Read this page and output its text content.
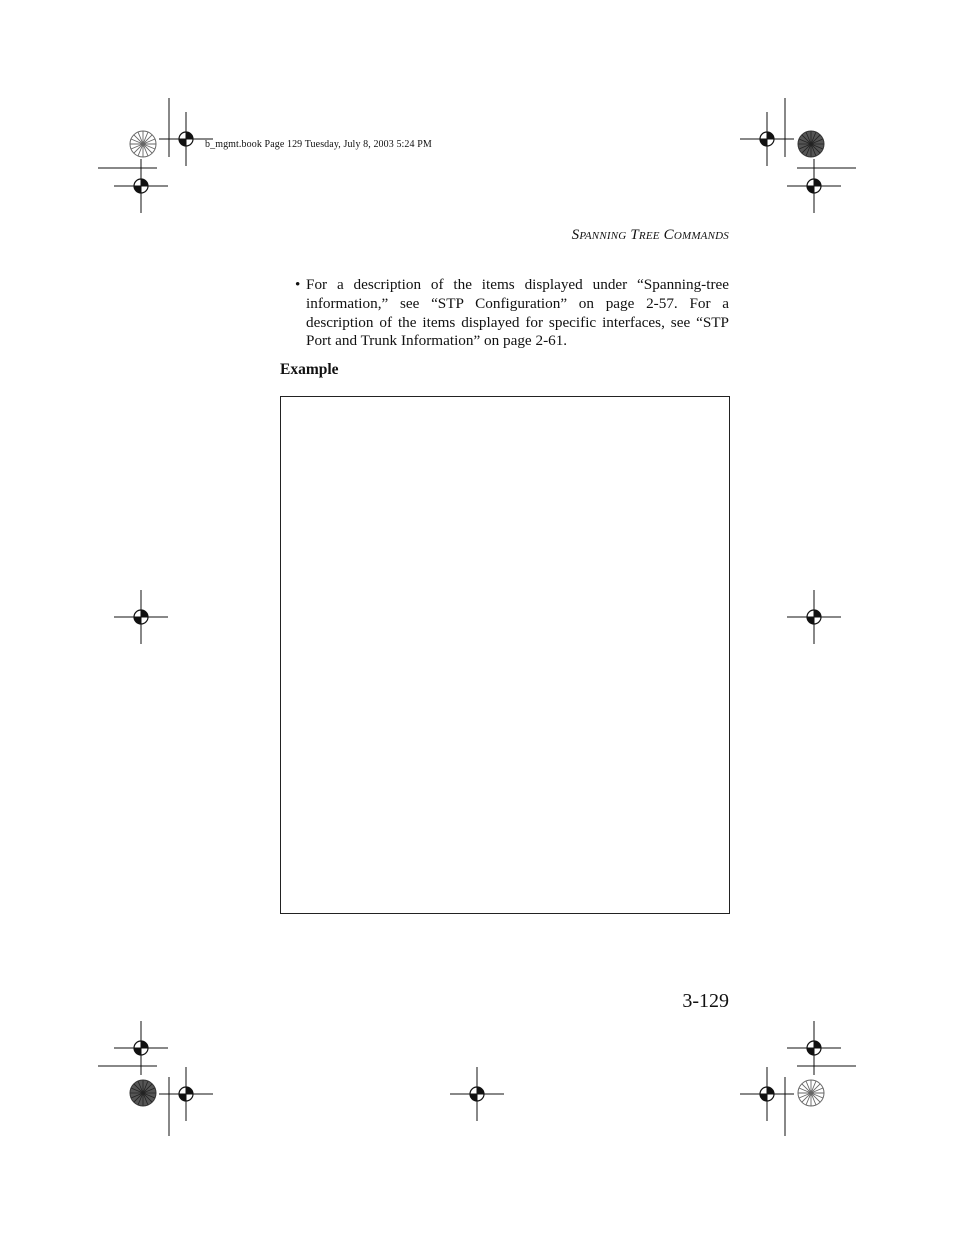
b_mgmt.book Page 129 Tuesday, July 8, 2003 5:24 PM
Spanning Tree Commands
• For a description of the items displayed under “Spanning-tree information,” see “STP Configuration” on page 2-57. For a description of the items displayed for specific interfaces, see “STP Port and Trunk Information” on page 2-61.
Example
3-129
